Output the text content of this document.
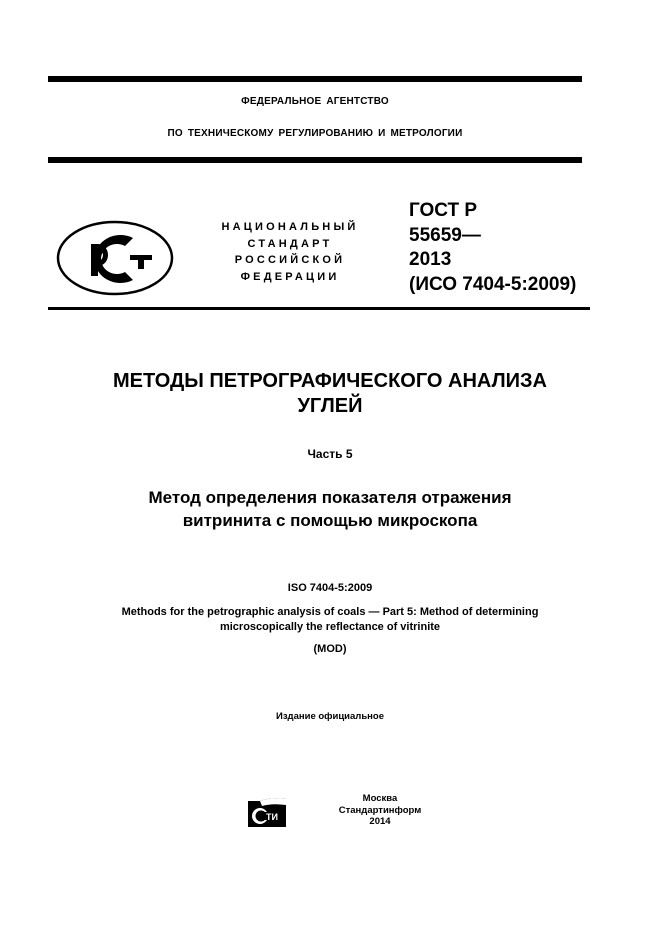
ФЕДЕРАЛЬНОЕ АГЕНТСТВО
ПО ТЕХНИЧЕСКОМУ РЕГУЛИРОВАНИЮ И МЕТРОЛОГИИ
НАЦИОНАЛЬНЫЙ
СТАНДАРТ
РОССИЙСКОЙ
ФЕДЕРАЦИИ
ГОСТ Р
55659—
2013
(ИСО 7404-5:2009)
МЕТОДЫ ПЕТРОГРАФИЧЕСКОГО АНАЛИЗА
УГЛЕЙ
Часть 5
Метод определения показателя отражения
витринита с помощью микроскопа
ISO 7404-5:2009
Methods for the petrographic analysis of coals — Part 5: Method of determining
microscopically the reflectance of vitrinite
(MOD)
Издание официальное
ТИ
Москва
Стандартинформ
2014
